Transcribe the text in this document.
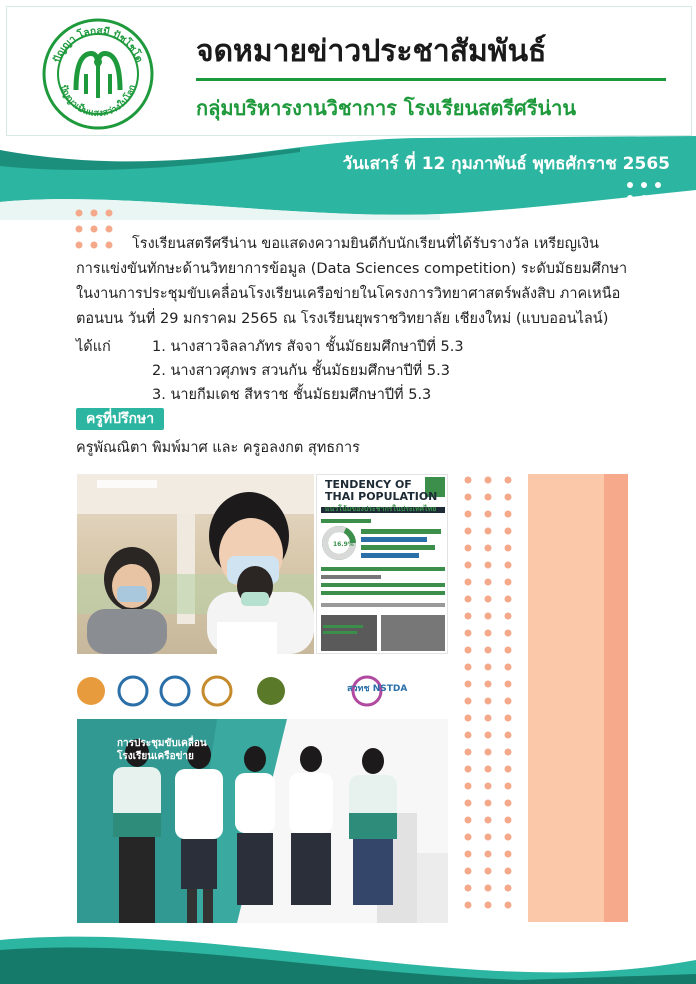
ปัญญา โลกสมี ปัชโชโต
ปัญญาเป็นแสงสว่างในโลก
จดหมายข่าวประชาสัมพันธ์
กลุ่มบริหารงานวิชาการ โรงเรียนสตรีศรีน่าน
วันเสาร์ ที่ 12 กุมภาพันธ์ พุทธศักราช 2565
โรงเรียนสตรีศรีน่าน ขอแสดงความยินดีกับนักเรียนที่ได้รับรางวัล เหรียญเงิน
การแข่งขันทักษะด้านวิทยาการข้อมูล (Data Sciences competition) ระดับมัธยมศึกษา
ในงานการประชุมขับเคลื่อนโรงเรียนเครือข่ายในโครงการวิทยาศาสตร์พลังสิบ ภาคเหนือ
ตอนบน วันที่ 29 มกราคม 2565 ณ โรงเรียนยุพราชวิทยาลัย เชียงใหม่ (แบบออนไลน์)
ได้แก่	1. นางสาวจิลลาภัทร สัจจา ชั้นมัธยมศึกษาปีที่ 5.3
2. นางสาวศุภพร สวนกัน ชั้นมัธยมศึกษาปีที่ 5.3
3. นายกีมเดช สีหราช ชั้นมัธยมศึกษาปีที่ 5.3
ครูที่ปรึกษา
ครูพัณณิตา พิมพ์มาศ และ ครูอลงกต สุทธการ
TENDENCY OF
THAI POPULATION
แนวโน้มของประชากรในประเทศไทย
16.9%
สวทช NSTDA
การประชุมขับเคลื่อน โรงเรียนเครือข่าย
